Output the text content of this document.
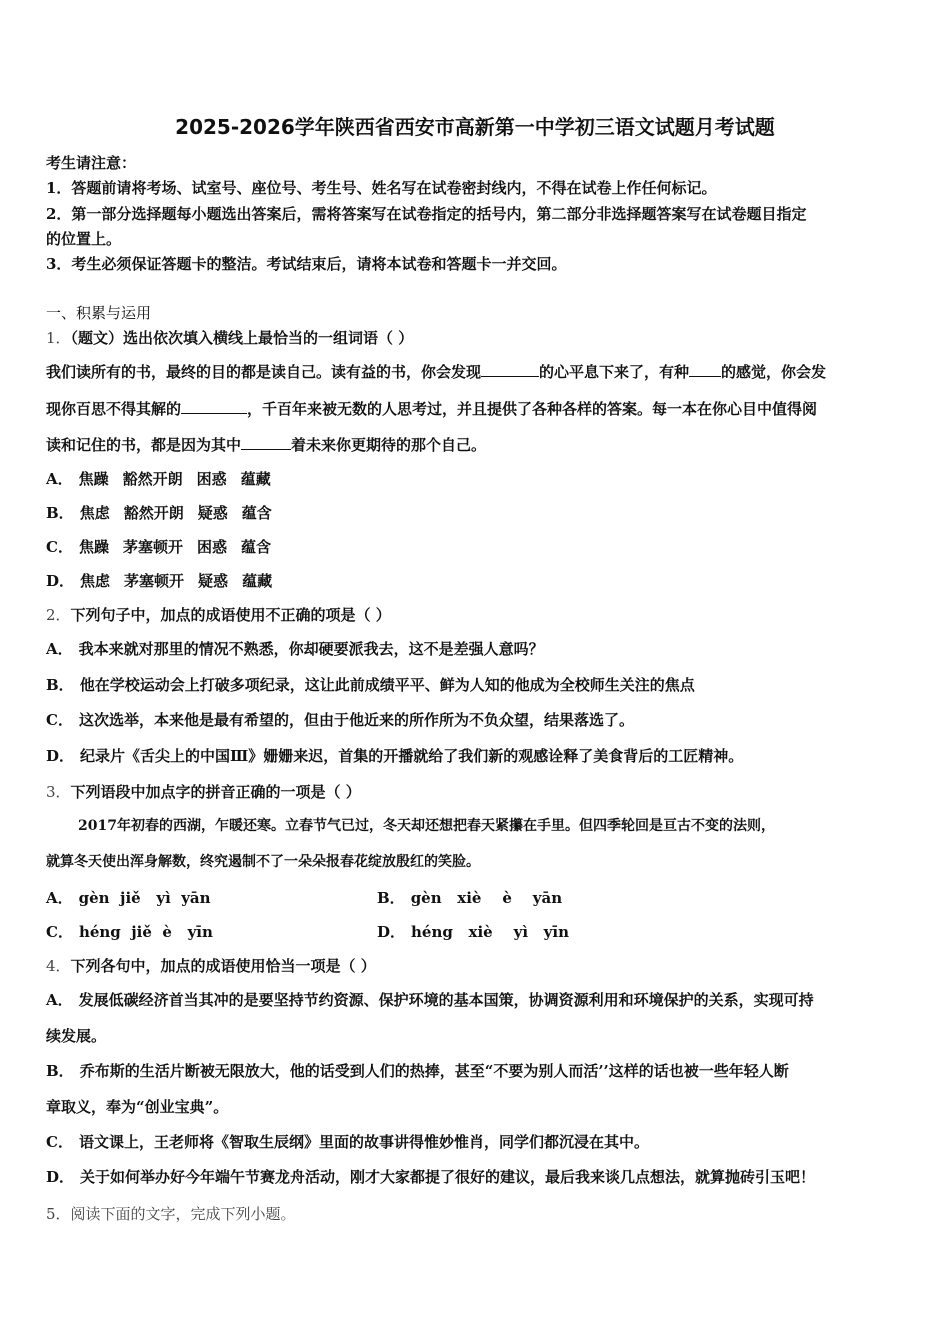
2025-2026学年陕西省西安市高新第一中学初三语文试题月考试题
考生请注意：
1．答题前请将考场、试室号、座位号、考生号、姓名写在试卷密封线内，不得在试卷上作任何标记。
2．第一部分选择题每小题选出答案后，需将答案写在试卷指定的括号内，第二部分非选择题答案写在试卷题目指定
的位置上。
3．考生必须保证答题卡的整洁。考试结束后，请将本试卷和答题卡一并交回。
一、积累与运用
1．（题文）选出依次填入横线上最恰当的一组词语（ ）
我们读所有的书，最终的目的都是读自己。读有益的书，你会发现	的心平息下来了，有种 的感觉，你会发
现你百思不得其解的	，千百年来被无数的人思考过，并且提供了各种各样的答案。每一本在你心目中值得阅
读和记住的书，都是因为其中	着未来你更期待的那个自己。
A． 焦躁 豁然开朗 困惑 蕴藏
B． 焦虑 豁然开朗 疑惑 蕴含
C． 焦躁 茅塞顿开 困惑 蕴含
D． 焦虑 茅塞顿开 疑惑 蕴藏
2．下列句子中，加点的成语使用不正确的项是（ ）
A． 我本来就对那里的情况不熟悉，你却硬要派我去，这不是差强人意吗？
B． 他在学校运动会上打破多项纪录，这让此前成绩平平、鲜为人知的他成为全校师生关注的焦点
C． 这次选举，本来他是最有希望的，但由于他近来的所作所为不负众望，结果落选了。
D． 纪录片《舌尖上的中国Ⅲ》姗姗来迟，首集的开播就给了我们新的观感诠释了美食背后的工匠精神。
3．下列语段中加点字的拼音正确的一项是（ ）
2017年初春的西湖，乍暖还寒。立春节气已过，冬天却还想把春天紧攥在手里。但四季轮回是亘古不变的法则，
就算冬天使出浑身解数，终究遏制不了一朵朵报春花绽放殷红的笑脸。
A． gèn  jiě   yì  yān	B． gèn   xiè    è    yān
C． héng  jiě  è   yīn	D． héng   xiè    yì   yīn
4．下列各句中，加点的成语使用恰当一项是（ ）
A． 发展低碳经济首当其冲的是要坚持节约资源、保护环境的基本国策，协调资源利用和环境保护的关系，实现可持
续发展。
B． 乔布斯的生活片断被无限放大，他的话受到人们的热捧，甚至“不要为别人而活’’这样的话也被一些年轻人断
章取义，奉为“创业宝典”。
C． 语文课上，王老师将《智取生辰纲》里面的故事讲得惟妙惟肖，同学们都沉浸在其中。
D． 关于如何举办好今年端午节赛龙舟活动，刚才大家都提了很好的建议，最后我来谈几点想法，就算抛砖引玉吧！
5．阅读下面的文字，完成下列小题。
